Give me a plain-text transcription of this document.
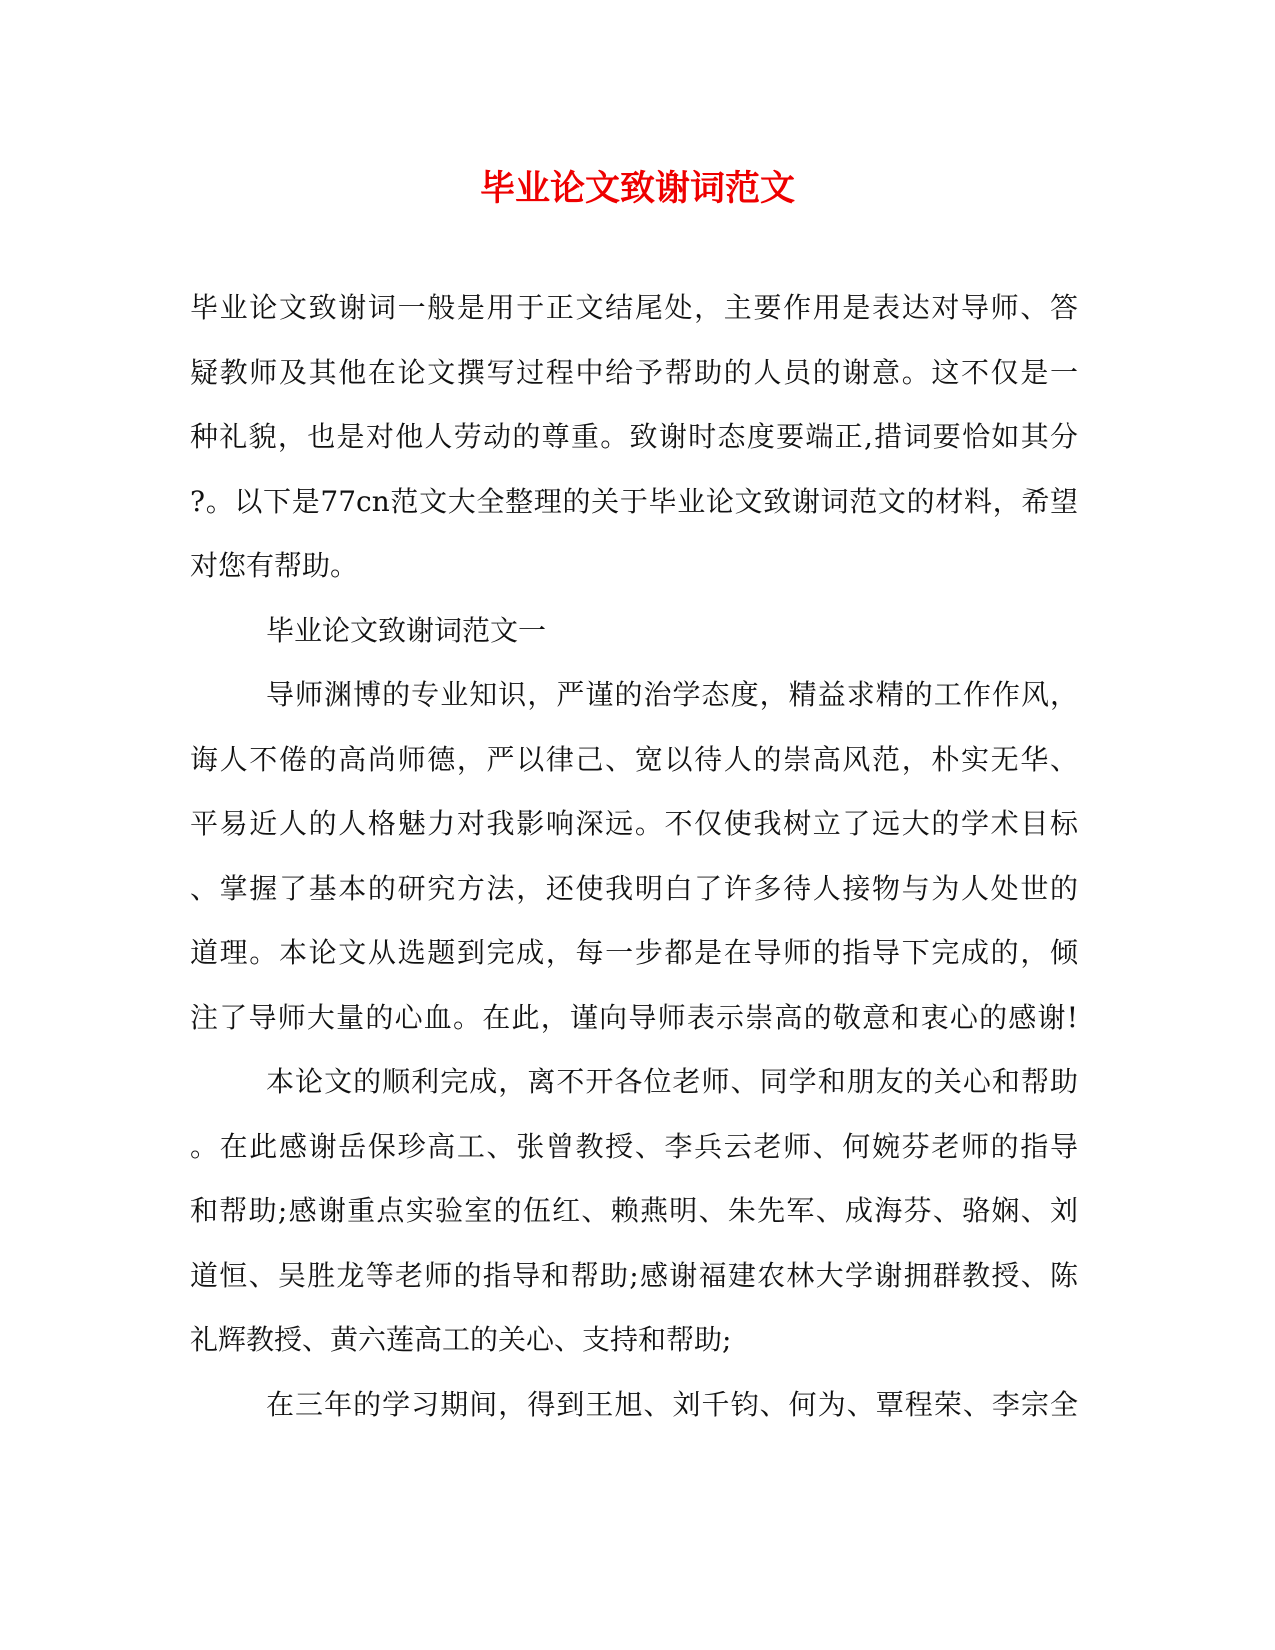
毕业论文致谢词范文
毕业论文致谢词一般是用于正文结尾处，主要作用是表达对导师、答
疑教师及其他在论文撰写过程中给予帮助的人员的谢意。这不仅是一
种礼貌，也是对他人劳动的尊重。致谢时态度要端正,措词要恰如其分
?。以下是77cn范文大全整理的关于毕业论文致谢词范文的材料，希望
对您有帮助。
毕业论文致谢词范文一
导师渊博的专业知识，严谨的治学态度，精益求精的工作作风，
诲人不倦的高尚师德，严以律己、宽以待人的崇高风范，朴实无华、
平易近人的人格魅力对我影响深远。不仅使我树立了远大的学术目标
、掌握了基本的研究方法，还使我明白了许多待人接物与为人处世的
道理。本论文从选题到完成，每一步都是在导师的指导下完成的，倾
注了导师大量的心血。在此，谨向导师表示崇高的敬意和衷心的感谢!
本论文的顺利完成，离不开各位老师、同学和朋友的关心和帮助
。在此感谢岳保珍高工、张曾教授、李兵云老师、何婉芬老师的指导
和帮助;感谢重点实验室的伍红、赖燕明、朱先军、成海芬、骆娴、刘
道恒、吴胜龙等老师的指导和帮助;感谢福建农林大学谢拥群教授、陈
礼辉教授、黄六莲高工的关心、支持和帮助;
在三年的学习期间，得到王旭、刘千钧、何为、覃程荣、李宗全
